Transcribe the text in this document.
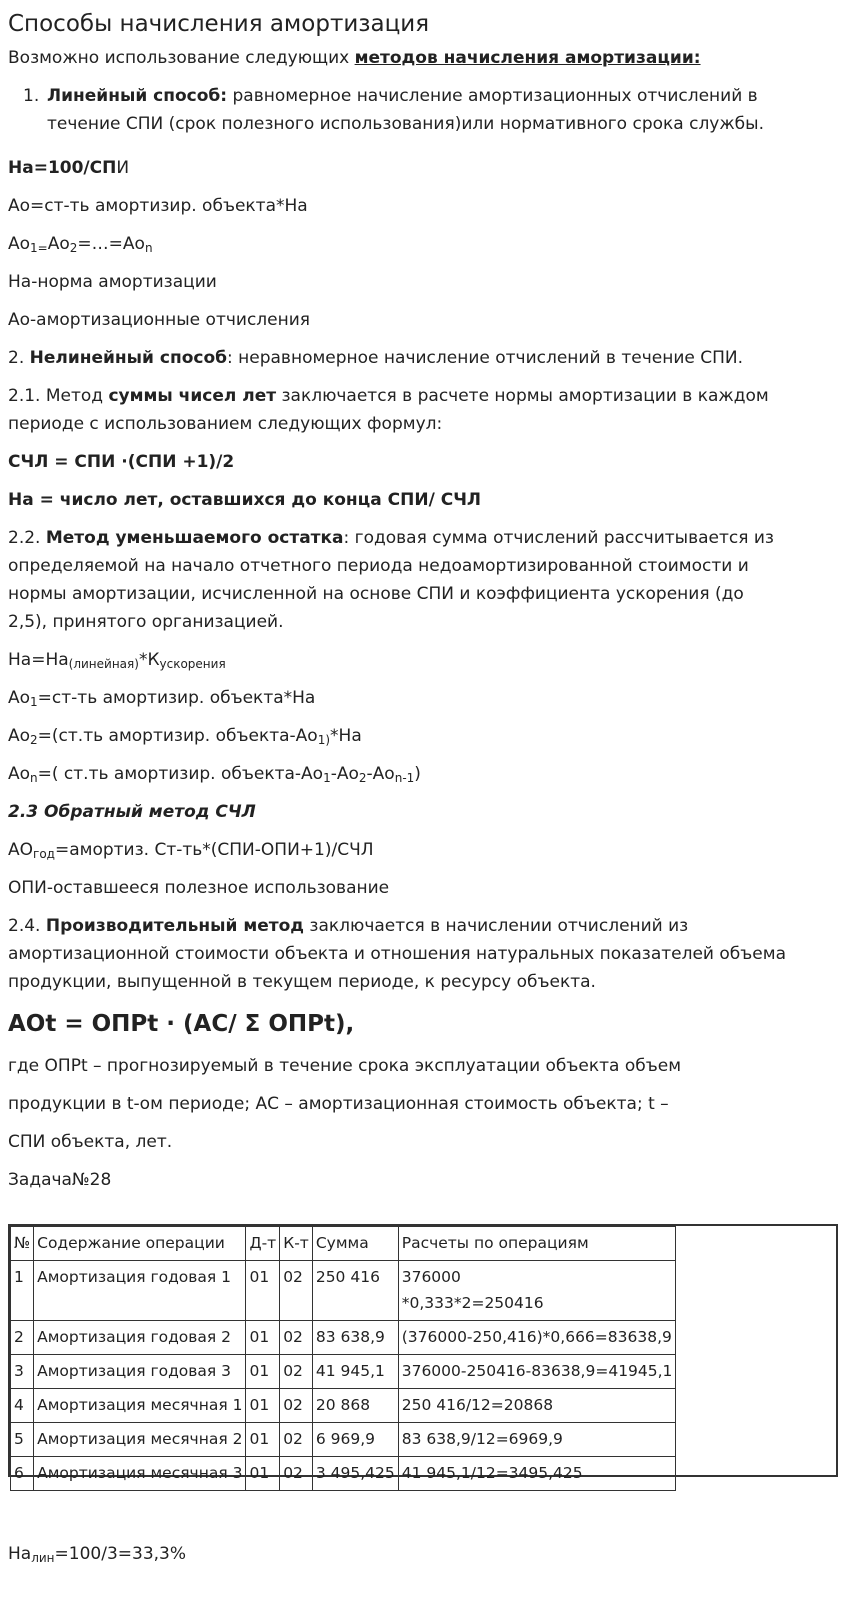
Способы начисления амортизация

Возможно использование следующих методов начисления амортизации:

1. Линейный способ: равномерное начисление амортизационных отчислений в
течение СПИ (срок полезного использования)или нормативного срока службы.

На=100/СПИ

Ао=ст-ть амортизир. объекта*На

$Ао_{1=}Ао_2=\dots=Ао_n$

На-норма амортизации

Ао-амортизационные отчисления

2. Нелинейный способ: неравномерное начисление отчислений в течение СПИ.

2.1. Метод суммы чисел лет заключается в расчете нормы амортизации в каждом
периоде с использованием следующих формул:

СЧЛ = СПИ ·(СПИ +1)/2

На = число лет, оставшихся до конца СПИ/ СЧЛ

2.2. Метод уменьшаемого остатка: годовая сумма отчислений рассчитывается из
определяемой на начало отчетного периода недоамортизированной стоимости и
нормы амортизации, исчисленной на основе СПИ и коэффициента ускорения (до
2,5), принятого организацией.

$На=На_{(линейная)}*К_{ускорения}$

$Ао_1=ст-ть$ амортизир. объекта*На

$Ао_2=(ст.ть$ амортизир. объекта-$Ао_{1)}*На$

$Ао_n=$( ст.ть амортизир. объекта-$Ао_1-Ао_2-Ао_{n-1}$)

2.3 Обратный метод СЧЛ

$АО_{год}=амортиз$. Ст-ть*(СПИ-ОПИ+1)/СЧЛ

ОПИ-оставшееся полезное использование

2.4. Производительный метод заключается в начислении отчислений из
амортизационной стоимости объекта и отношения натуральных показателей объема
продукции, выпущенной в текущем периоде, к ресурсу объекта.

AOt = ОПРt · (АС/ Σ ОПРt),

где ОПРt – прогнозируемый в течение срока эксплуатации объекта объем

продукции в t-ом периоде; АС – амортизационная стоимость объекта; t –

СПИ объекта, лет.

Задача№28

№	Содержание операции	Д-т	К-т	Сумма	Расчеты по операциям
1	Амортизация годовая 1	01	02	250 416	376000
*0,333*2=250416
2	Амортизация годовая 2	01	02	83 638,9	(376000-250,416)*0,666=83638,9
3	Амортизация годовая 3	01	02	41 945,1	376000-250416-83638,9=41945,1
4	Амортизация месячная 1	01	02	20 868	250 416/12=20868
5	Амортизация месячная 2	01	02	6 969,9	83 638,9/12=6969,9
6	Амортизация месячная 3	01	02	3 495,425	41 945,1/12=3495,425

$На_{лин}=100/3=33,3\%$
